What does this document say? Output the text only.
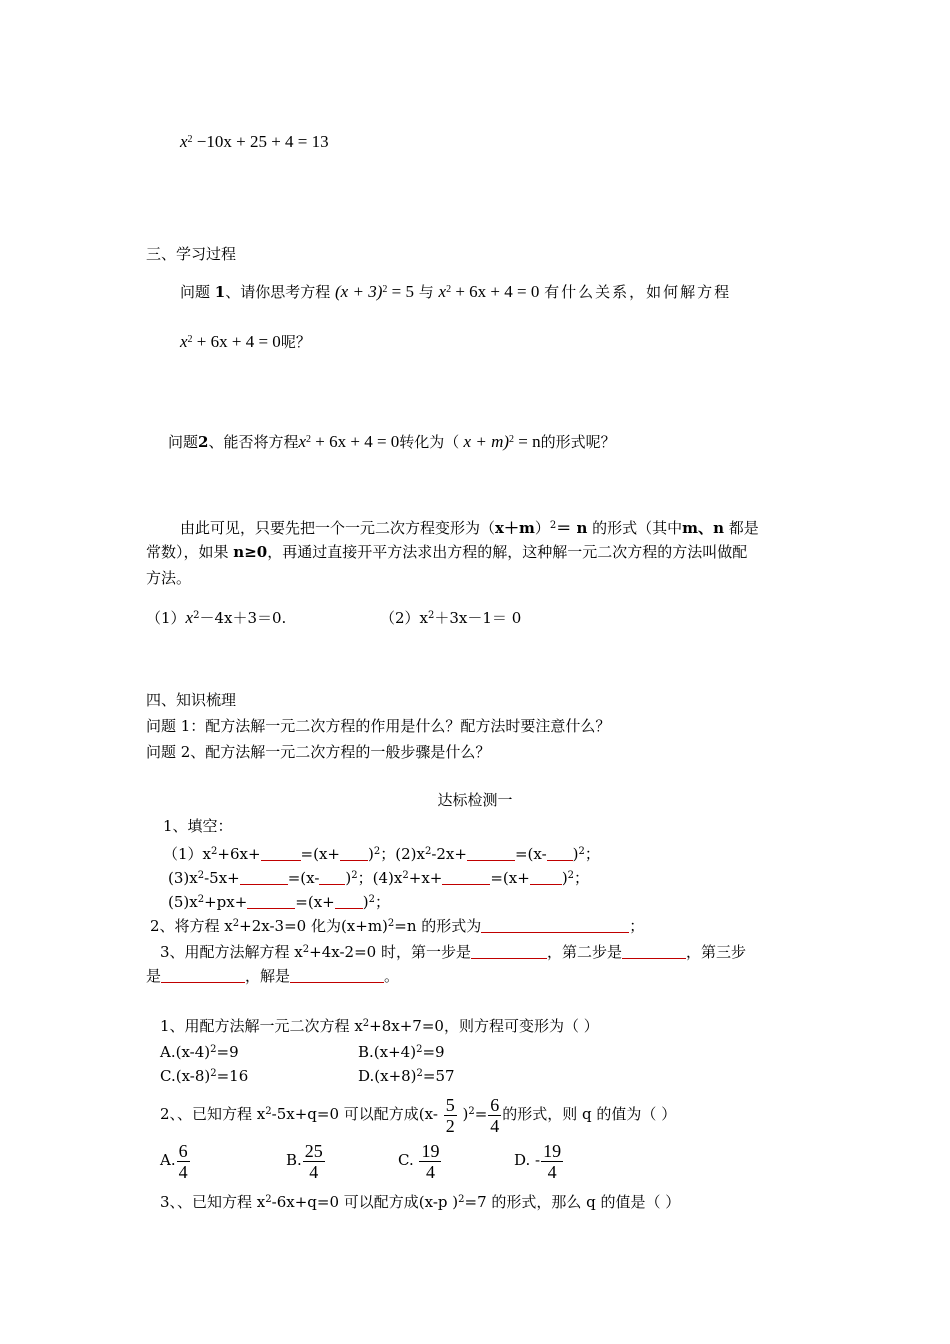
$x^2 -10x + 25 + 4 = 13$
三、学习过程
问题 1、请你思考方程 $(x + 3)^2 = 5$ 与 $x^2 + 6x + 4 = 0$ 有什么关系，如何解方程
$x^2 + 6x + 4 = 0$呢？
问题2、能否将方程$x^2 + 6x + 4 = 0$转化为（ x + m)$^2$ = n的形式呢？
由此可见，只要先把一个一元二次方程变形为$(x+m)^2= n$ 的形式（其中m、n 都是
常数），如果 n≥0，再通过直接开平方法求出方程的解，这种解一元二次方程的方法叫做配
方法。
$(1)x^2-4x+3=0$.	$(2)x^2+3x-1= 0$
四、知识梳理
问题 1：配方法解一元二次方程的作用是什么？配方法时要注意什么？
问题 2、配方法解一元二次方程的一般步骤是什么？
达标检测一
1、填空：
$(1)x^2+6x+$	$=(x+ )^2$；$(2)x^2-2x+$	=(x- )$^2$；
$(3)x^2-5x+$	=(x- )$^2$；$(4)x^2+x+$	$=(x+ )^2$；
$(5)x^2+px+$	$=(x+ )^2$；
2、将方程 $x^2+2x-3=0$ 化为$(x+m)^2=n$ 的形式为	；
3、用配方法解方程 $x^2+4x-2=0$ 时，第一步是	，第二步是	，第三步
是	，解是	。
1、用配方法解一元二次方程 $x^2+8x+7=0$，则方程可变形为（ ）
$A.(x-4)^2=9$	$B.(x+4)^2=9$
$C.(x-8)^2=16$	$D.(x+8)^2=57$
2、、已知方程 $x^2-5x+q=0$ 可以配方成$(x- \frac{5}{2} )^2= \frac{6}{4}$ 的形式，则 q 的值为（ ）
A. $\frac{6}{4}$	B. $\frac{25}{4}$	C. $\frac{19}{4}$	D. - $\frac{19}{4}$
3、、已知方程 $x^2-6x+q=0$ 可以配方成(x-p )$^2$=7 的形式，那么 q 的值是（ ）
